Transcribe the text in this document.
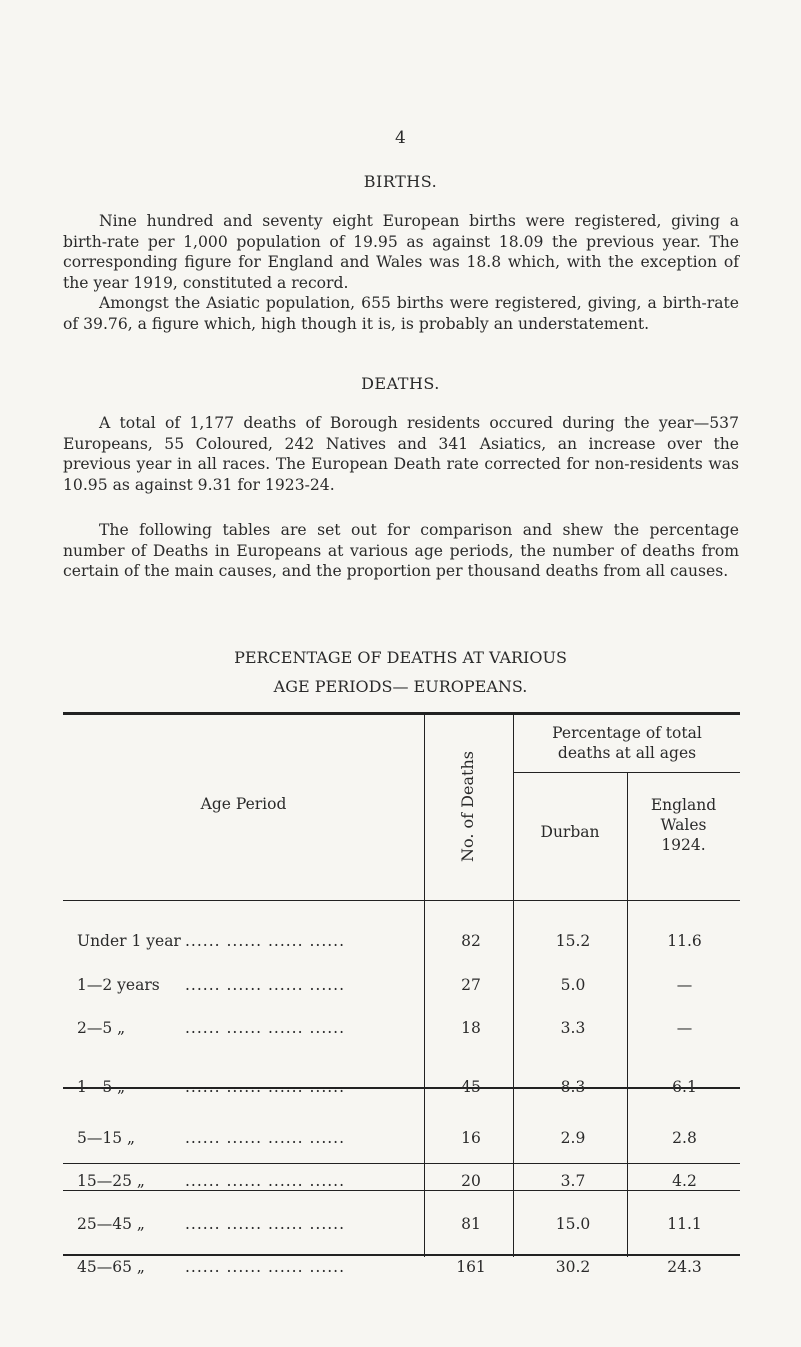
4
BIRTHS.
Nine hundred and seventy eight European births were registered, giving a birth-rate per 1,000 population of 19.95 as against 18.09 the previous year. The corresponding figure for England and Wales was 18.8 which, with the exception of the year 1919, constituted a record.
Amongst the Asiatic population, 655 births were registered, giving, a birth-rate of 39.76, a figure which, high though it is, is probably an understatement.
DEATHS.
A total of 1,177 deaths of Borough residents occured during the year—537 Europeans, 55 Coloured, 242 Natives and 341 Asiatics, an increase over the previous year in all races. The European Death rate corrected for non-residents was 10.95 as against 9.31 for 1923-24.
The following tables are set out for comparison and shew the percentage number of Deaths in Europeans at various age periods, the number of deaths from certain of the main causes, and the proportion per thousand deaths from all causes.
PERCENTAGE OF DEATHS AT VARIOUS
AGE PERIODS— EUROPEANS.
Age Period	No. of Deaths
Percentage of total deaths at all ages
Durban
England
Wales
1924.
Under 1 year ...... ...... ...... ......	82	15.2	11.6
1—2 years ...... ...... ...... ......	27	5.0	—
2—5 „	...... ...... ...... ......	18	3.3	—
1—5 „	...... ...... ...... ......	45	8.3	6.1
5—15 „	...... ...... ...... ......	16	2.9	2.8
15—25 „	...... ...... ...... ......	20	3.7	4.2
25—45 „	...... ...... ...... ......	81	15.0	11.1
45—65 „	...... ...... ...... ......	161	30.2	24.3
